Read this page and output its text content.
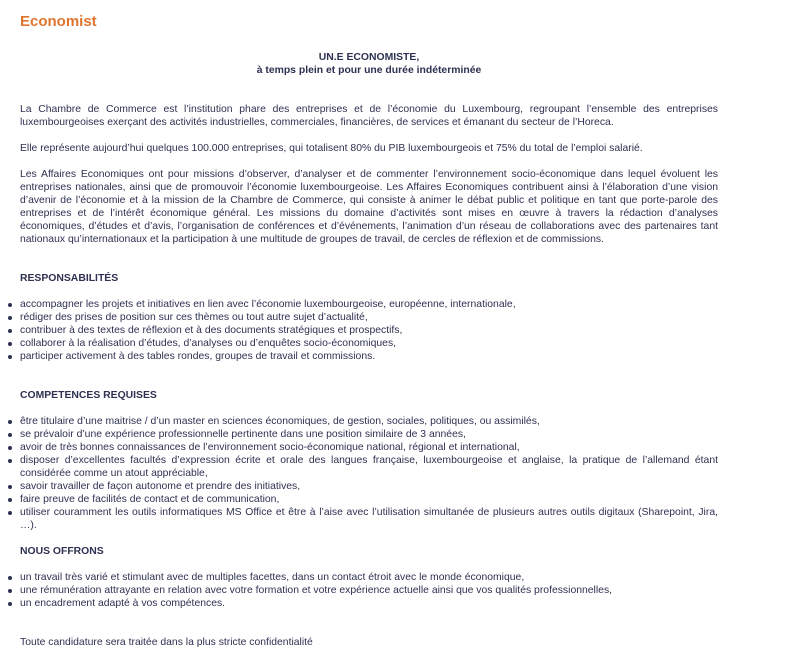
Economist
UN.E ECONOMISTE,
à temps plein et pour une durée indéterminée

La Chambre de Commerce est l’institution phare des entreprises et de l’économie du Luxembourg, regroupant l’ensemble des entreprises luxembourgeoises exerçant des activités industrielles, commerciales, financières, de services et émanant du secteur de l’Horeca.

Elle représente aujourd’hui quelques 100.000 entreprises, qui totalisent 80% du PIB luxembourgeois et 75% du total de l’emploi salarié.

Les Affaires Economiques ont pour missions d’observer, d’analyser et de commenter l’environnement socio-économique dans lequel évoluent les entreprises nationales, ainsi que de promouvoir l’économie luxembourgeoise. Les Affaires Economiques contribuent ainsi à l’élaboration d’une vision d’avenir de l’économie et à la mission de la Chambre de Commerce, qui consiste à animer le débat public et politique en tant que porte-parole des entreprises et de l’intérêt économique général. Les missions du domaine d’activités sont mises en œuvre à travers la rédaction d’analyses économiques, d’études et d’avis, l’organisation de conférences et d’événements, l’animation d’un réseau de collaborations avec des partenaires tant nationaux qu’internationaux et la participation à une multitude de groupes de travail, de cercles de réflexion et de commissions.

RESPONSABILITÉS
accompagner les projets et initiatives en lien avec l’économie luxembourgeoise, européenne, internationale,
rédiger des prises de position sur ces thèmes ou tout autre sujet d’actualité,
contribuer à des textes de réflexion et à des documents stratégiques et prospectifs,
collaborer à la réalisation d’études, d’analyses ou d’enquêtes socio-économiques,
participer activement à des tables rondes, groupes de travail et commissions.
COMPETENCES REQUISES
être titulaire d’une maitrise / d’un master en sciences économiques, de gestion, sociales, politiques, ou assimilés,
se prévaloir d’une expérience professionnelle pertinente dans une position similaire de 3 années,
avoir de très bonnes connaissances de l’environnement socio-économique national, régional et international,
disposer d’excellentes facultés d’expression écrite et orale des langues française, luxembourgeoise et anglaise, la pratique de l’allemand étant considérée comme un atout appréciable,
savoir travailler de façon autonome et prendre des initiatives,
faire preuve de facilités de contact et de communication,
utiliser couramment les outils informatiques MS Office et être à l’aise avec l’utilisation simultanée de plusieurs autres outils digitaux (Sharepoint, Jira, …).
NOUS OFFRONS
un travail très varié et stimulant avec de multiples facettes, dans un contact étroit avec le monde économique,
une rémunération attrayante en relation avec votre formation et votre expérience actuelle ainsi que vos qualités professionnelles,
un encadrement adapté à vos compétences.

Toute candidature sera traitée dans la plus stricte confidentialité
